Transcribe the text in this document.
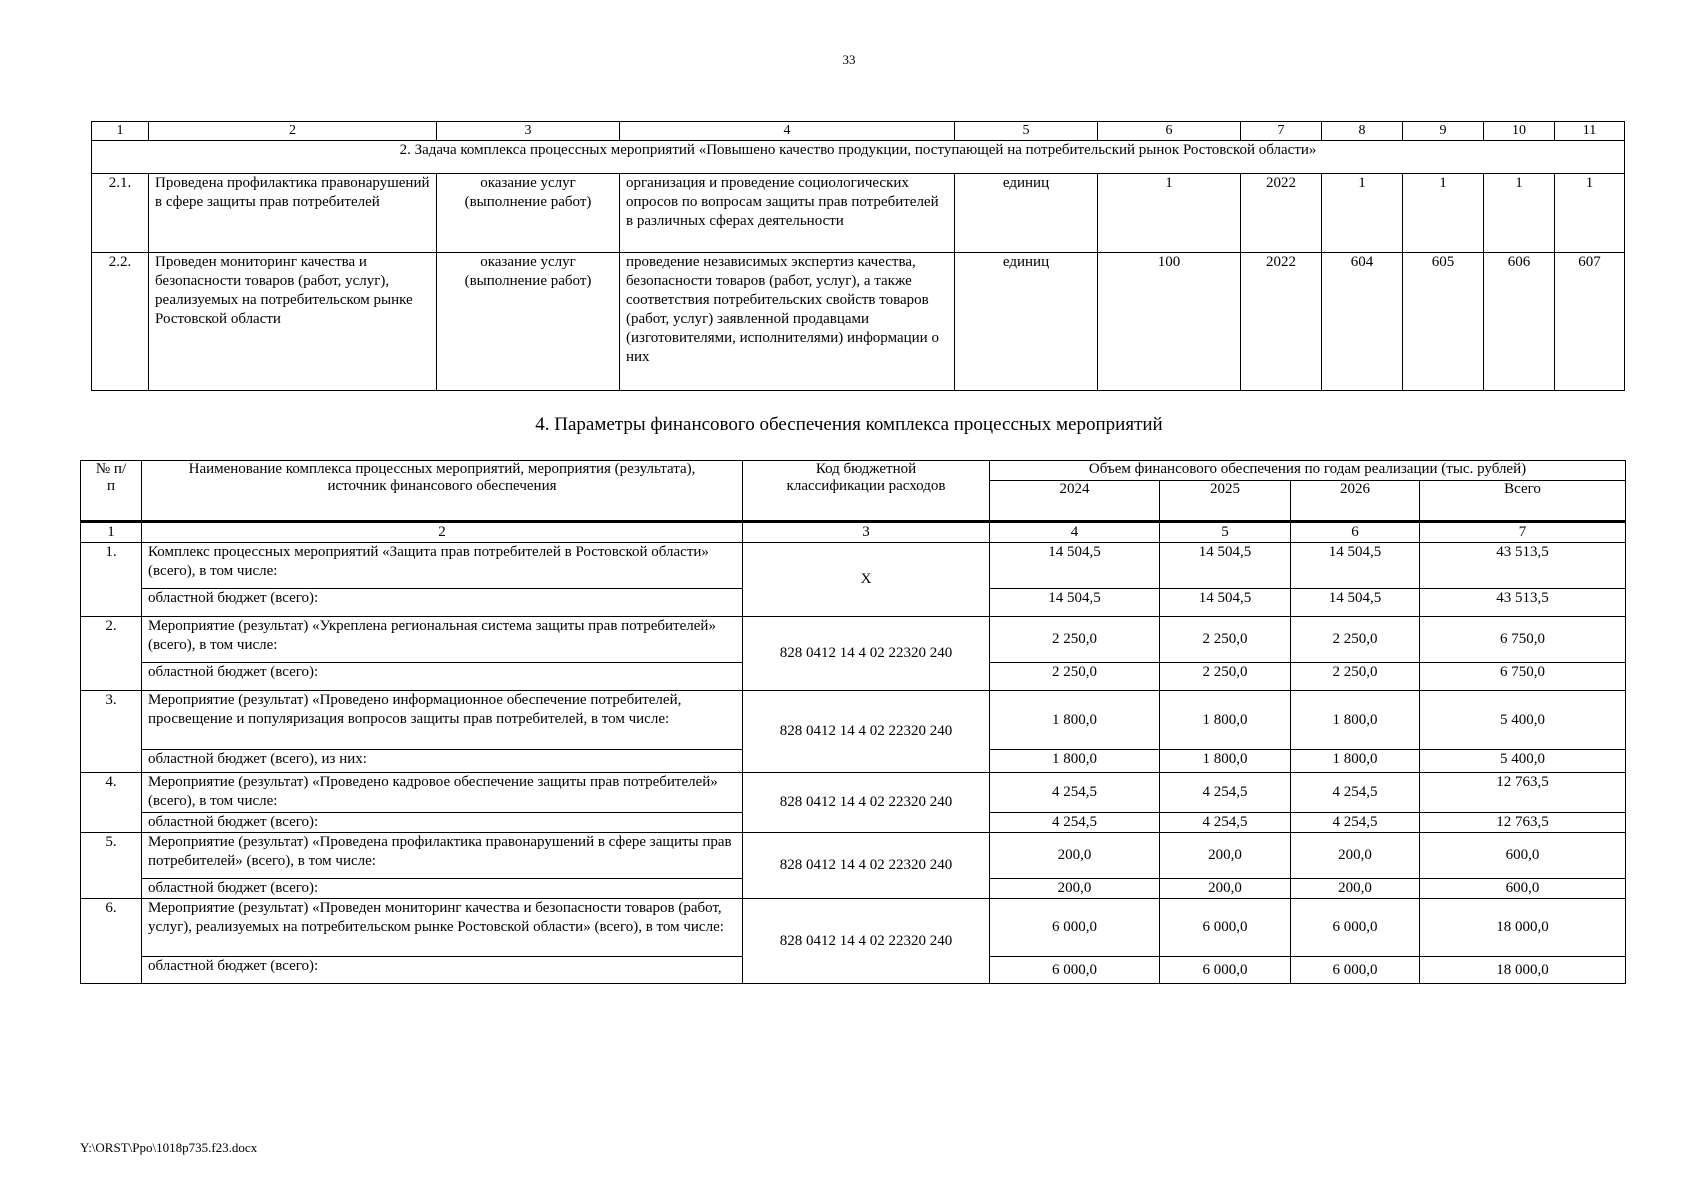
33
1	2	3	4	5	6	7	8	9	10	11
2. Задача комплекса процессных мероприятий «Повышено качество продукции, поступающей на потребительский рынок Ростовской области»										
2.1.	Проведена профилактика правонарушений в сфере защиты прав потребителей	оказание услуг (выполнение работ)	организация и проведение социологических опросов по вопросам защиты прав потребителей в различных сферах деятельности	единиц	1	2022	1	1	1	1
2.2.	Проведен мониторинг качества и безопасности товаров (работ, услуг), реализуемых на потребительском рынке Ростовской области	оказание услуг (выполнение работ)	проведение независимых экспертиз качества, безопасности товаров (работ, услуг), а также соответствия потребительских свойств товаров (работ, услуг) заявленной продавцами (изготовителями, исполнителями) информации о них	единиц	100	2022	604	605	606	607
4. Параметры финансового обеспечения комплекса процессных мероприятий
№ п/п	Наименование комплекса процессных мероприятий, мероприятия (результата), источник финансового обеспечения	Код бюджетной классификации расходов	Объем финансового обеспечения по годам реализации (тыс. рублей)			
			2024	2025	2026	Всего

1	2	3	4	5	6	7
1.	Комплекс процессных мероприятий «Защита прав потребителей в Ростовской области» (всего), в том числе:	X	14 504,5	14 504,5	14 504,5	43 513,5
	областной бюджет (всего):		14 504,5	14 504,5	14 504,5	43 513,5
2.	Мероприятие (результат) «Укреплена региональная система защиты прав потребителей» (всего), в том числе:	828 0412 14 4 02 22320 240	2 250,0	2 250,0	2 250,0	6 750,0
	областной бюджет (всего):		2 250,0	2 250,0	2 250,0	6 750,0
3.	Мероприятие (результат) «Проведено информационное обеспечение потребителей, просвещение и популяризация вопросов защиты прав потребителей, в том числе:	828 0412 14 4 02 22320 240	1 800,0	1 800,0	1 800,0	5 400,0
	областной бюджет (всего), из них:		1 800,0	1 800,0	1 800,0	5 400,0
4.	Мероприятие (результат) «Проведено кадровое обеспечение защиты прав потребителей» (всего), в том числе:	828 0412 14 4 02 22320 240	4 254,5	4 254,5	4 254,5	12 763,5
	областной бюджет (всего):		4 254,5	4 254,5	4 254,5	12 763,5
5.	Мероприятие (результат) «Проведена профилактика правонарушений в сфере защиты прав потребителей» (всего), в том числе:	828 0412 14 4 02 22320 240	200,0	200,0	200,0	600,0
	областной бюджет (всего):		200,0	200,0	200,0	600,0
6.	Мероприятие (результат) «Проведен мониторинг качества и безопасности товаров (работ, услуг), реализуемых на потребительском рынке Ростовской области» (всего), в том числе:	828 0412 14 4 02 22320 240	6 000,0	6 000,0	6 000,0	18 000,0
	областной бюджет (всего):		6 000,0	6 000,0	6 000,0	18 000,0
Y:\ORST\Ppo\1018p735.f23.docx
